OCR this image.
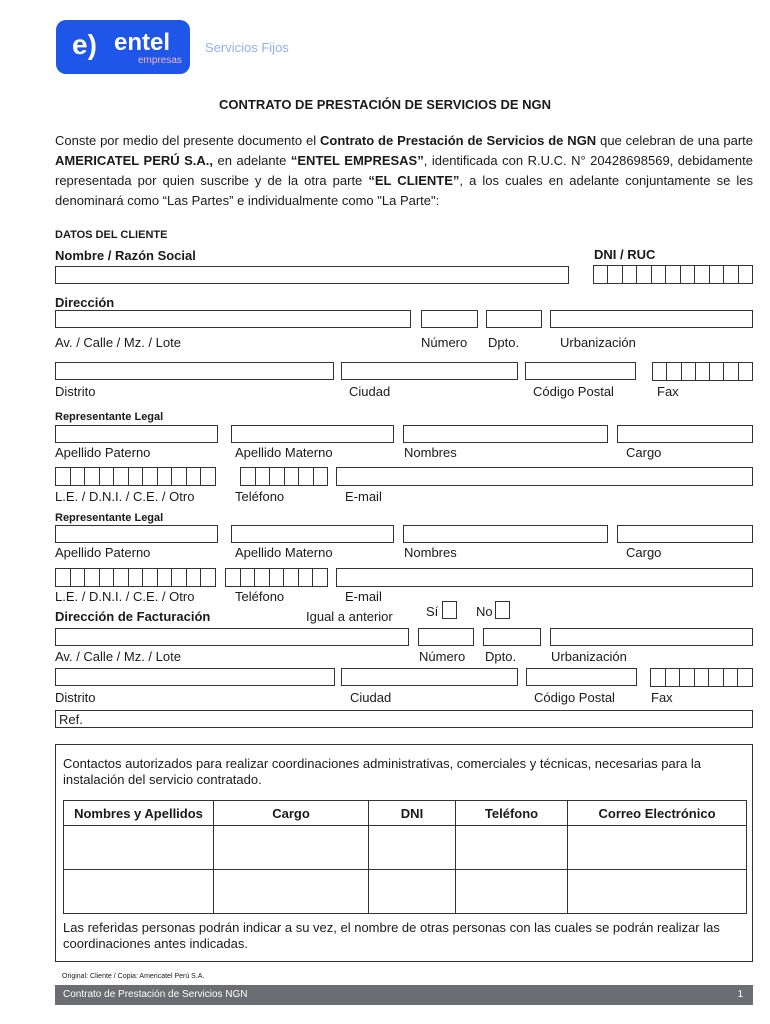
e) entel
empresas
Servicios Fijos
CONTRATO DE PRESTACIÓN DE SERVICIOS DE NGN
Conste por medio del presente documento el Contrato de Prestación de Servicios de NGN que celebran de una parte AMERICATEL PERÚ S.A., en adelante “ENTEL EMPRESAS”, identificada con R.U.C. N° 20428698569, debidamente representada por quien suscribe y de la otra parte “EL CLIENTE”, a los cuales en adelante conjuntamente se les denominará como “Las Partes” e individualmente como "La Parte":
DATOS DEL CLIENTE
Nombre / Razón Social	DNI / RUC
Dirección
Av. / Calle / Mz. / Lote	Número Dpto.	Urbanización
Distrito	Ciudad	Código Postal	Fax
Representante Legal
Apellido Paterno	Apellido Materno	Nombres	Cargo
L.E. / D.N.I. / C.E. / Otro	Teléfono	E-mail
Representante Legal
Apellido Paterno	Apellido Materno	Nombres	Cargo
L.E. / D.N.I. / C.E. / Otro	Teléfono	E-mail
Dirección de Facturación	Igual a anterior	Sí	No
Av. / Calle / Mz. / Lote	Número Dpto.	Urbanización
Distrito	Ciudad	Código Postal	Fax
Ref.
Contactos autorizados para realizar coordinaciones administrativas, comerciales y técnicas, necesarias para la instalación del servicio contratado.
Nombres y Apellidos	Cargo	DNI	Teléfono	Correo Electrónico

Las referidas personas podrán indicar a su vez, el nombre de otras personas con las cuales se podrán realizar las coordinaciones antes indicadas.
Original: Cliente / Copia: Americatel Perú S.A.
Contrato de Prestación de Servicios NGN	1
